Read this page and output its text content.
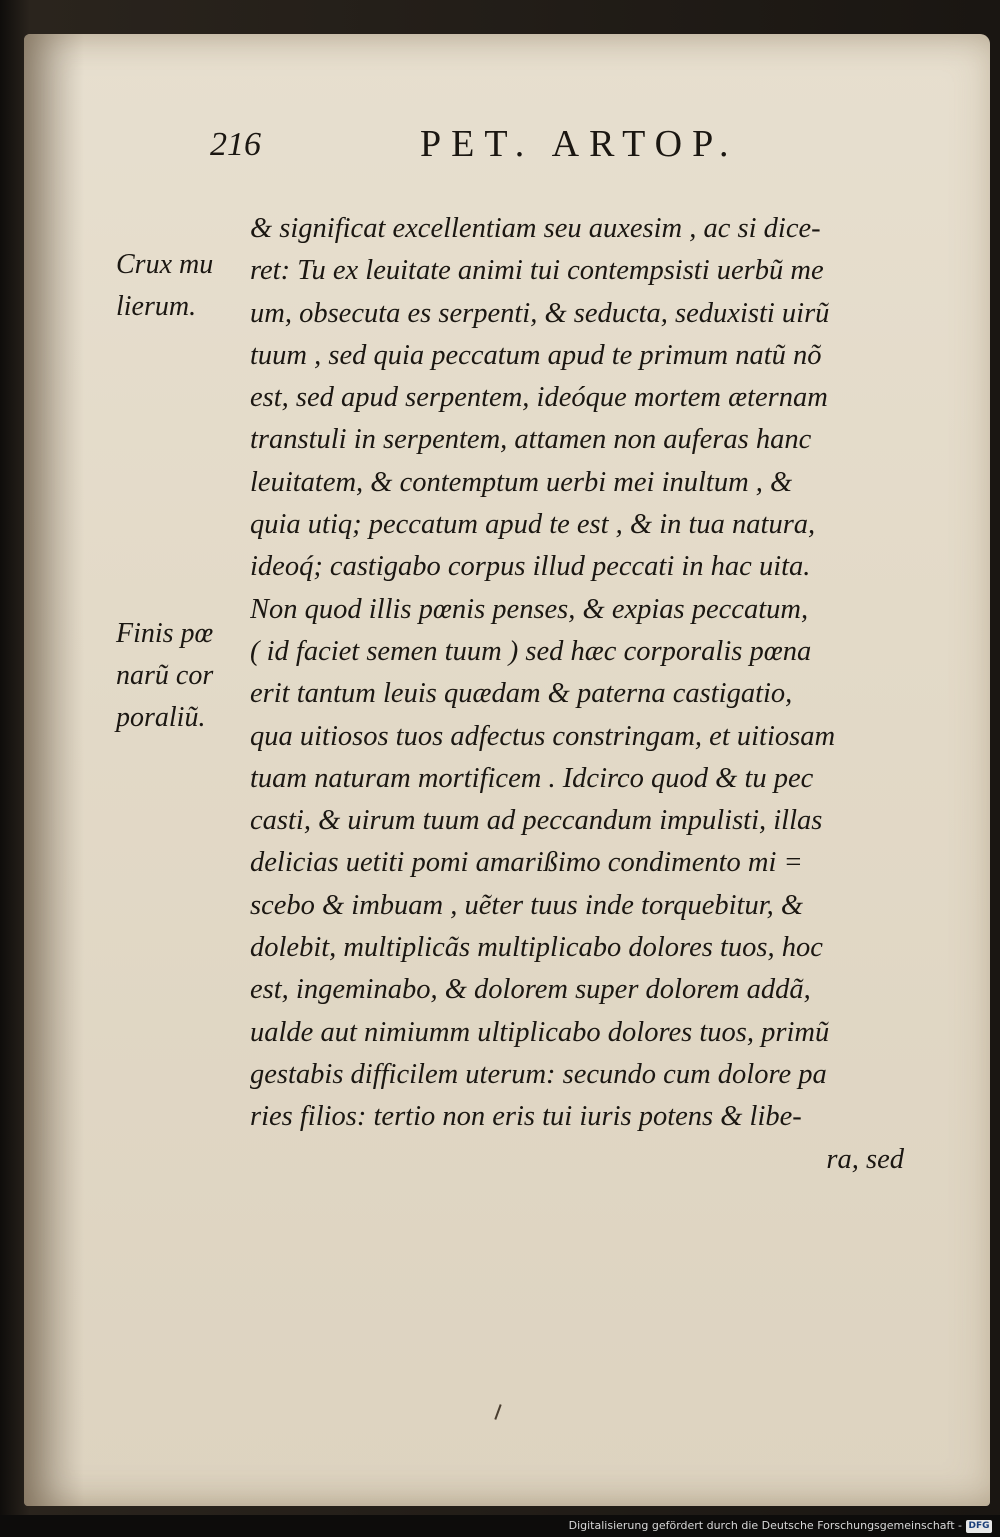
216	PET. ARTOP.
Crux mu
lierum.
Finis pœ
narũ cor
poraliũ.
& significat excellentiam seu auxesim , ac si dice-
ret: Tu ex leuitate animi tui contempsisti uerbũ me
um, obsecuta es serpenti, & seducta, seduxisti uirũ
tuum , sed quia peccatum apud te primum natũ nõ
est, sed apud serpentem, ideóque mortem æternam
transtuli in serpentem, attamen non auferas hanc
leuitatem, & contemptum uerbi mei inultum , &
quia utiq; peccatum apud te est , & in tua natura,
ideoq́; castigabo corpus illud peccati in hac uita.
Non quod illis pœnis penses, & expias peccatum,
( id faciet semen tuum ) sed hæc corporalis pœna
erit tantum leuis quædam & paterna castigatio,
qua uitiosos tuos adfectus constringam, et uitiosam
tuam naturam mortificem . Idcirco quod & tu pec
casti, & uirum tuum ad peccandum impulisti, illas
delicias uetiti pomi amarißimo condimento mi =
scebo & imbuam , uẽter tuus inde torquebitur, &
dolebit, multiplicãs multiplicabo dolores tuos, hoc
est, ingeminabo, & dolorem super dolorem addã,
ualde aut nimiumm ultiplicabo dolores tuos, primũ
gestabis difficilem uterum: secundo cum dolore pa
ries filios: tertio non eris tui iuris potens & libe-
ra, sed
Digitalisierung gefördert durch die Deutsche Forschungsgemeinschaft - DFG
